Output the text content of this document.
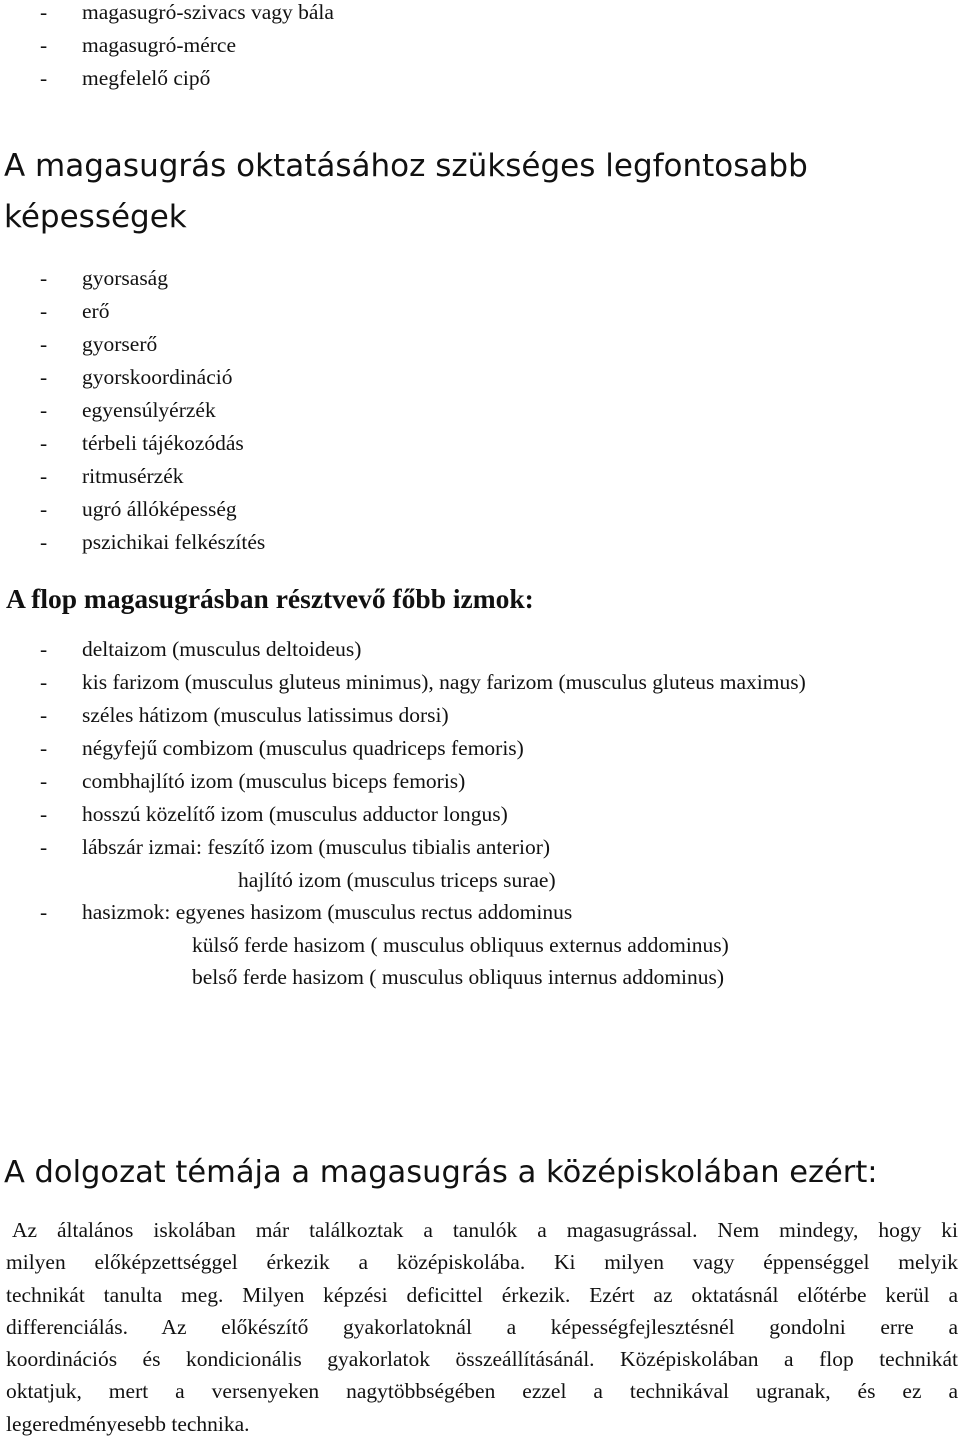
- magasugró-szivacs vagy bála
- magasugró-mérce
- megfelelő cipő
A magasugrás oktatásához szükséges legfontosabb
képességek
- gyorsaság
- erő
- gyorserő
- gyorskoordináció
- egyensúlyérzék
- térbeli tájékozódás
- ritmusérzék
- ugró állóképesség
- pszichikai felkészítés
A flop magasugrásban résztvevő főbb izmok:
- deltaizom (musculus deltoideus)
- kis farizom (musculus gluteus minimus), nagy farizom (musculus gluteus maximus)
- széles hátizom (musculus latissimus dorsi)
- négyfejű combizom (musculus quadriceps femoris)
- combhajlító izom (musculus biceps femoris)
- hosszú közelítő izom (musculus adductor longus)
- lábszár izmai: feszítő izom (musculus tibialis anterior)
hajlító izom (musculus triceps surae)
- hasizmok: egyenes hasizom (musculus rectus addominus
külső ferde hasizom ( musculus obliquus externus addominus)
belső ferde hasizom ( musculus obliquus internus addominus)
A dolgozat témája a magasugrás a középiskolában ezért:
Az általános iskolában már találkoztak a tanulók a magasugrással. Nem mindegy, hogy ki
milyen előképzettséggel érkezik a középiskolába. Ki milyen vagy éppenséggel melyik
technikát tanulta meg. Milyen képzési deficittel érkezik. Ezért az oktatásnál előtérbe kerül a
differenciálás. Az előkészítő gyakorlatoknál a képességfejlesztésnél gondolni erre a
koordinációs és kondicionális gyakorlatok összeállításánál. Középiskolában a flop technikát
oktatjuk, mert a versenyeken nagytöbbségében ezzel a technikával ugranak, és ez a
legeredményesebb technika.
